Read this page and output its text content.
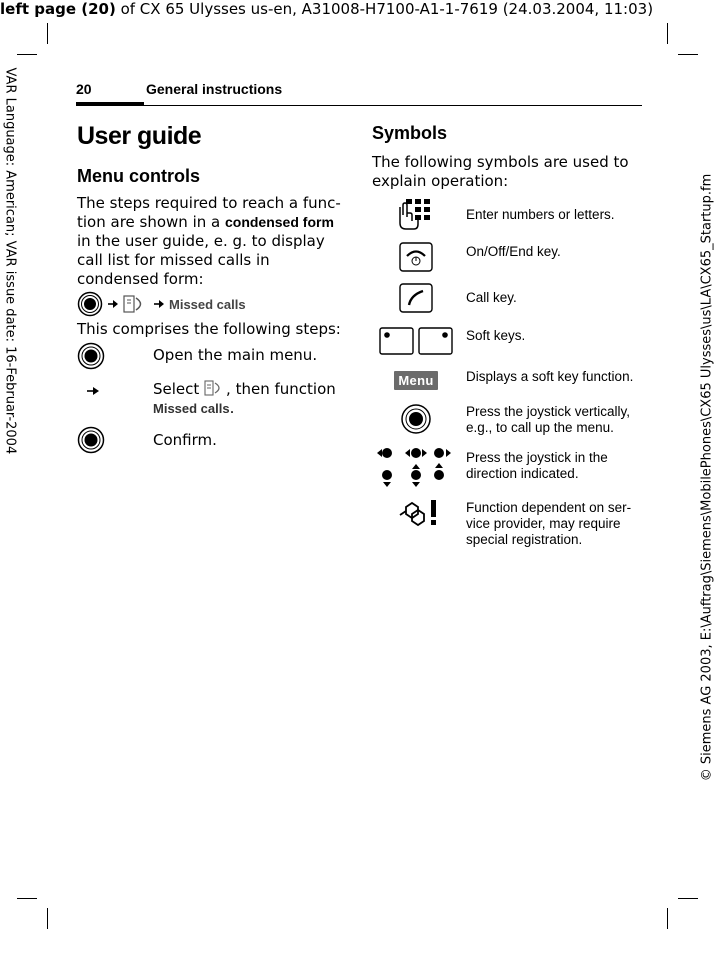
left page (20) of CX 65 Ulysses us-en, A31008-H7100-A1-1-7619 (24.03.2004, 11:03)
VAR Language: American; VAR issue date: 16-Februar-2004	© Siemens AG 2003, E:\Auftrag\Siemens\MobilePhones\CX65 Ulysses\us\LA\CX65_Startup.fm
20	General instructions
User guide
Menu controls
The steps required to reach a func-tion are shown in a condensed form in the user guide, e. g. to display call list for missed calls in condensed form:
Missed calls
This comprises the following steps:
Open the main menu.
Select , then function
Missed calls.
Confirm.
Symbols
The following symbols are used to explain operation:
Enter numbers or letters.
On/Off/End key.
Call key.
Soft keys.
Menu Displays a soft key function.
Press the joystick vertically, e.g., to call up the menu.
Press the joystick in the direction indicated.
Function dependent on ser-vice provider, may require special registration.
